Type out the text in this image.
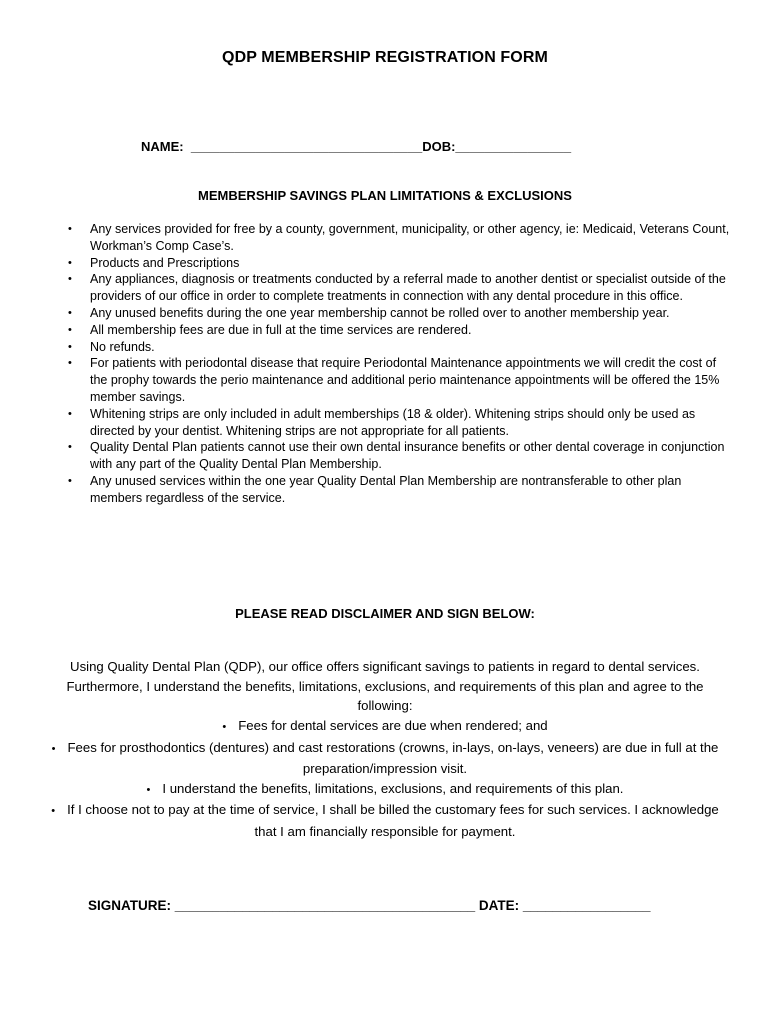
QDP MEMBERSHIP REGISTRATION FORM
NAME: ________________________________DOB:________________
MEMBERSHIP SAVINGS PLAN LIMITATIONS & EXCLUSIONS
• Any services provided for free by a county, government, municipality, or other agency, ie: Medicaid, Veterans Count, Workman’s Comp Case’s.
• Products and Prescriptions
• Any appliances, diagnosis or treatments conducted by a referral made to another dentist or specialist outside of the providers of our office in order to complete treatments in connection with any dental procedure in this office.
• Any unused benefits during the one year membership cannot be rolled over to another membership year.
• All membership fees are due in full at the time services are rendered.
• No refunds.
• For patients with periodontal disease that require Periodontal Maintenance appointments we will credit the cost of the prophy towards the perio maintenance and additional perio maintenance appointments will be offered the 15% member savings.
• Whitening strips are only included in adult memberships (18 & older). Whitening strips should only be used as directed by your dentist. Whitening strips are not appropriate for all patients.
• Quality Dental Plan patients cannot use their own dental insurance benefits or other dental coverage in conjunction with any part of the Quality Dental Plan Membership.
• Any unused services within the one year Quality Dental Plan Membership are nontransferable to other plan members regardless of the service.
PLEASE READ DISCLAIMER AND SIGN BELOW:
Using Quality Dental Plan (QDP), our office offers significant savings to patients in regard to dental services. Furthermore, I understand the benefits, limitations, exclusions, and requirements of this plan and agree to the following:
• Fees for dental services are due when rendered; and
• Fees for prosthodontics (dentures) and cast restorations (crowns, in-lays, on-lays, veneers) are due in full at the preparation/impression visit.
• I understand the benefits, limitations, exclusions, and requirements of this plan.
• If I choose not to pay at the time of service, I shall be billed the customary fees for such services. I acknowledge that I am financially responsible for payment.
SIGNATURE: ________________________________________ DATE: _________________
